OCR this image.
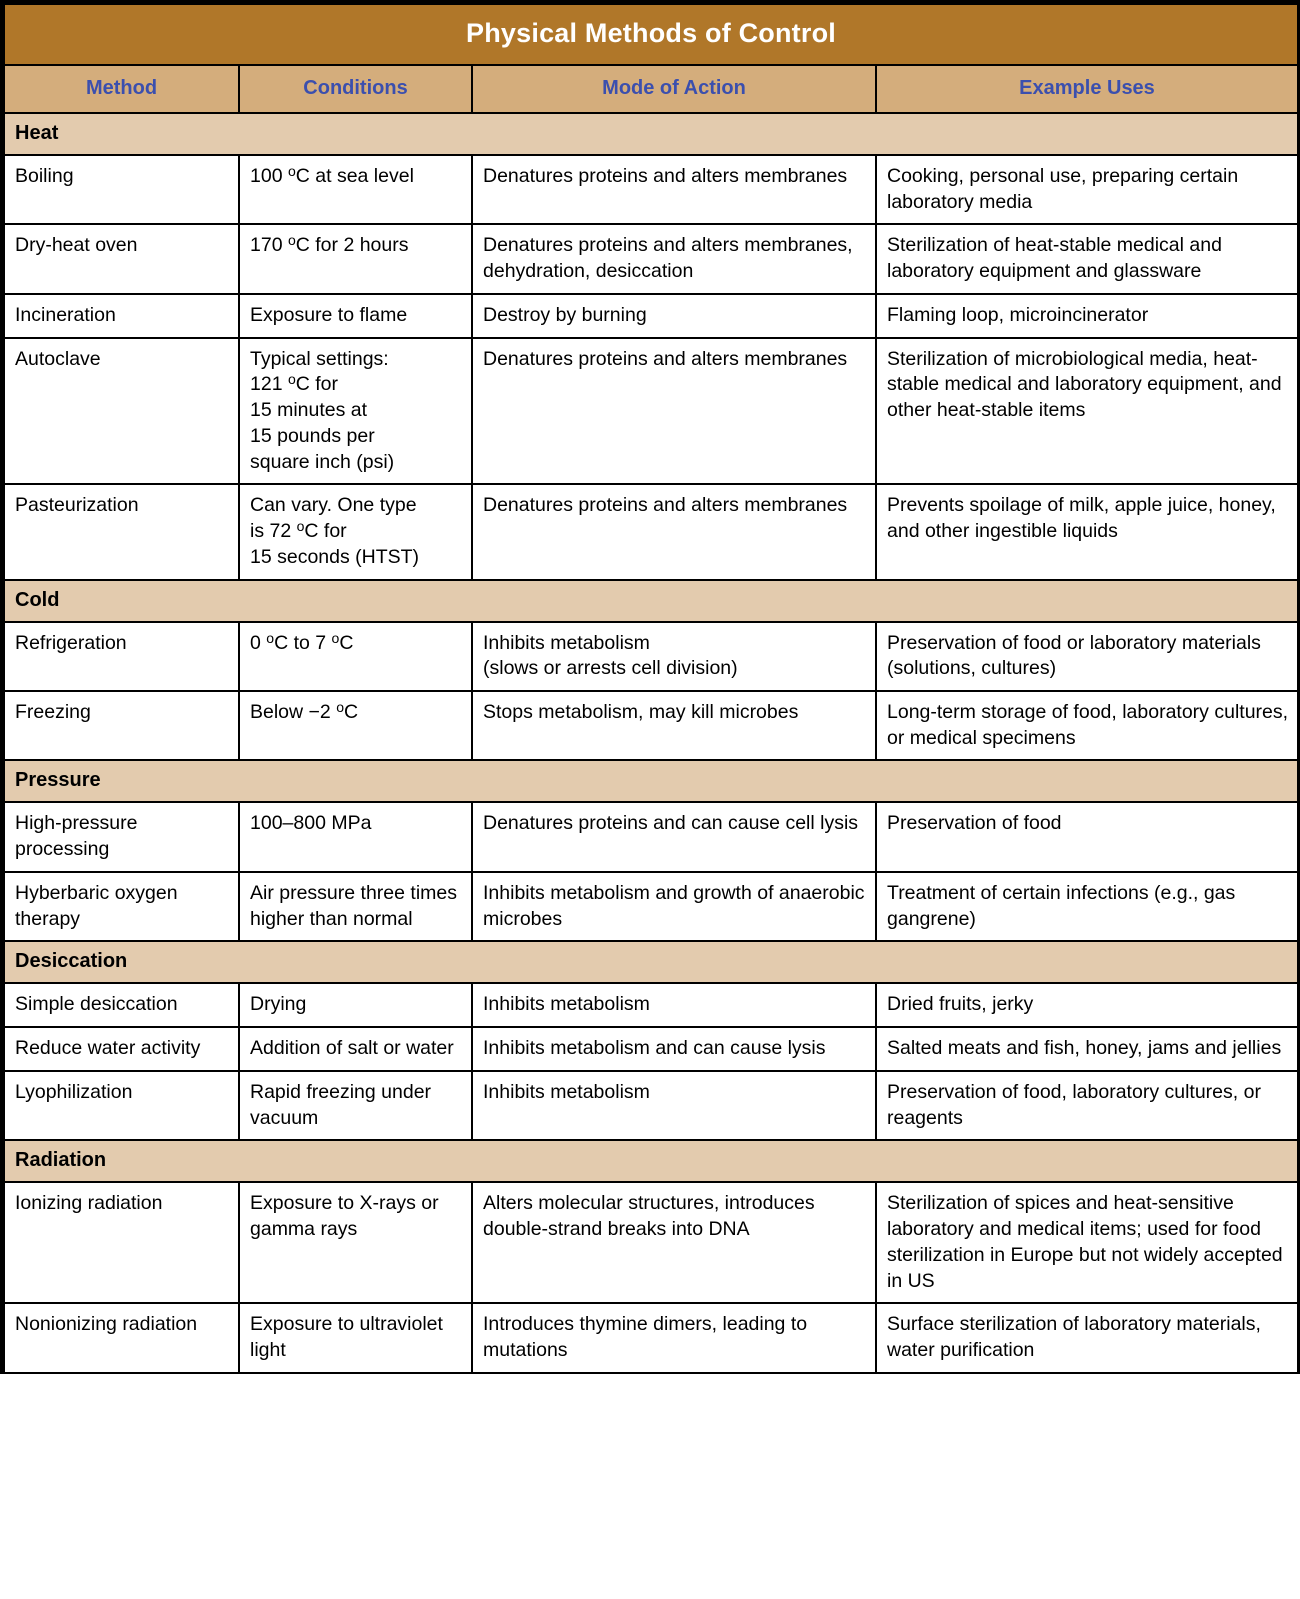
Physical Methods of Control			
Method	Conditions	Mode of Action	Example Uses
Heat			

Boiling	100 $^o$C at sea level	Denatures proteins and alters membranes	Cooking, personal use, preparing certain laboratory media

Dry-heat oven	170 $^o$C for 2 hours	Denatures proteins and alters membranes, dehydration, desiccation	Sterilization of heat-stable medical and laboratory equipment and glassware

Incineration	Exposure to flame	Destroy by burning	Flaming loop, microincinerator

Autoclave	Typical settings:
121 $^o$C for
15 minutes at
15 pounds per
square inch (psi)	Denatures proteins and alters membranes	Sterilization of microbiological media, heat-stable medical and laboratory equipment, and other heat-stable items

Pasteurization	Can vary. One type
is 72 $^o$C for
15 seconds (HTST)	Denatures proteins and alters membranes	Prevents spoilage of milk, apple juice, honey, and other ingestible liquids

Cold			

Refrigeration	0 $^o$C to 7 $^o$C	Inhibits metabolism
(slows or arrests cell division)	Preservation of food or laboratory materials (solutions, cultures)

Freezing	Below −2 $^o$C	Stops metabolism, may kill microbes	Long-term storage of food, laboratory cultures, or medical specimens

Pressure			

High-pressure processing	100–800 MPa	Denatures proteins and can cause cell lysis	Preservation of food

Hyberbaric oxygen therapy	Air pressure three times higher than normal	Inhibits metabolism and growth of anaerobic microbes	Treatment of certain infections (e.g., gas gangrene)

Desiccation			

Simple desiccation	Drying	Inhibits metabolism	Dried fruits, jerky

Reduce water activity	Addition of salt or water	Inhibits metabolism and can cause lysis	Salted meats and fish, honey, jams and jellies

Lyophilization	Rapid freezing under vacuum	Inhibits metabolism	Preservation of food, laboratory cultures, or reagents

Radiation			

Ionizing radiation	Exposure to X-rays or gamma rays	Alters molecular structures, introduces double-strand breaks into DNA	Sterilization of spices and heat-sensitive laboratory and medical items; used for food sterilization in Europe but not widely accepted in US

Nonionizing radiation	Exposure to ultraviolet light	Introduces thymine dimers, leading to mutations	Surface sterilization of laboratory materials, water purification
